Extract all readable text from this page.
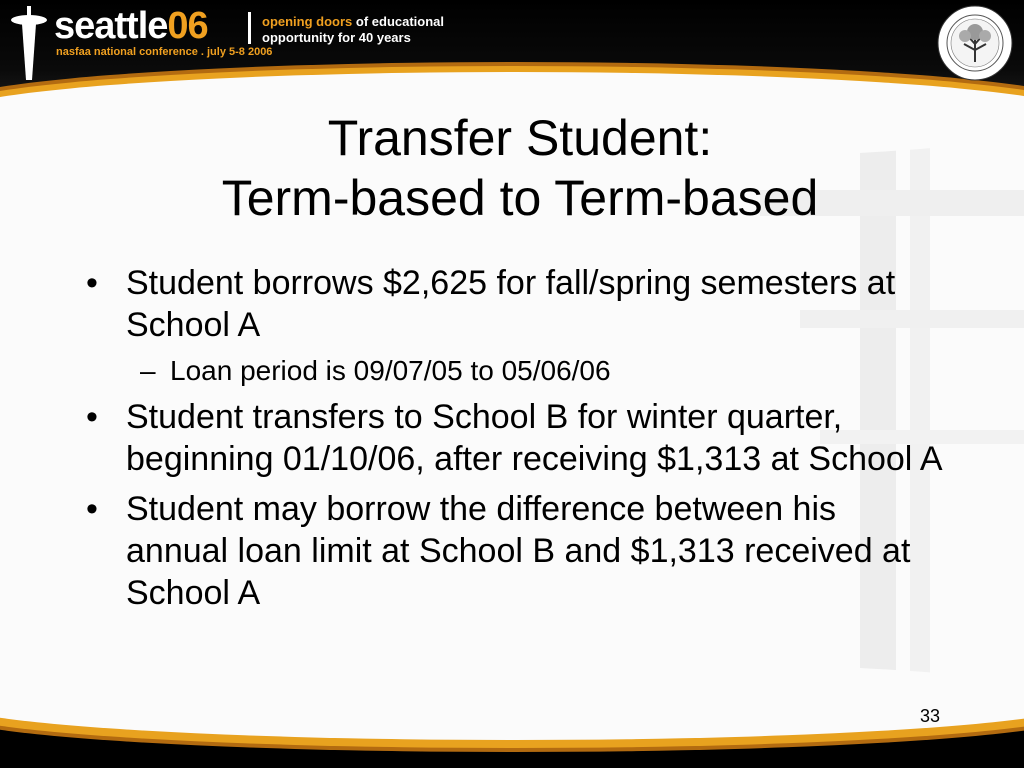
seattle06
nasfaa national conference . july 5-8 2006
opening doors of educational
opportunity for 40 years
Transfer Student:
Term-based to Term-based
• Student borrows $2,625 for fall/spring semesters at School A
– Loan period is 09/07/05 to 05/06/06
• Student transfers to School B for winter quarter, beginning 01/10/06, after receiving $1,313 at School A
• Student may borrow the difference between his annual loan limit at School B and $1,313 received at School A
33
